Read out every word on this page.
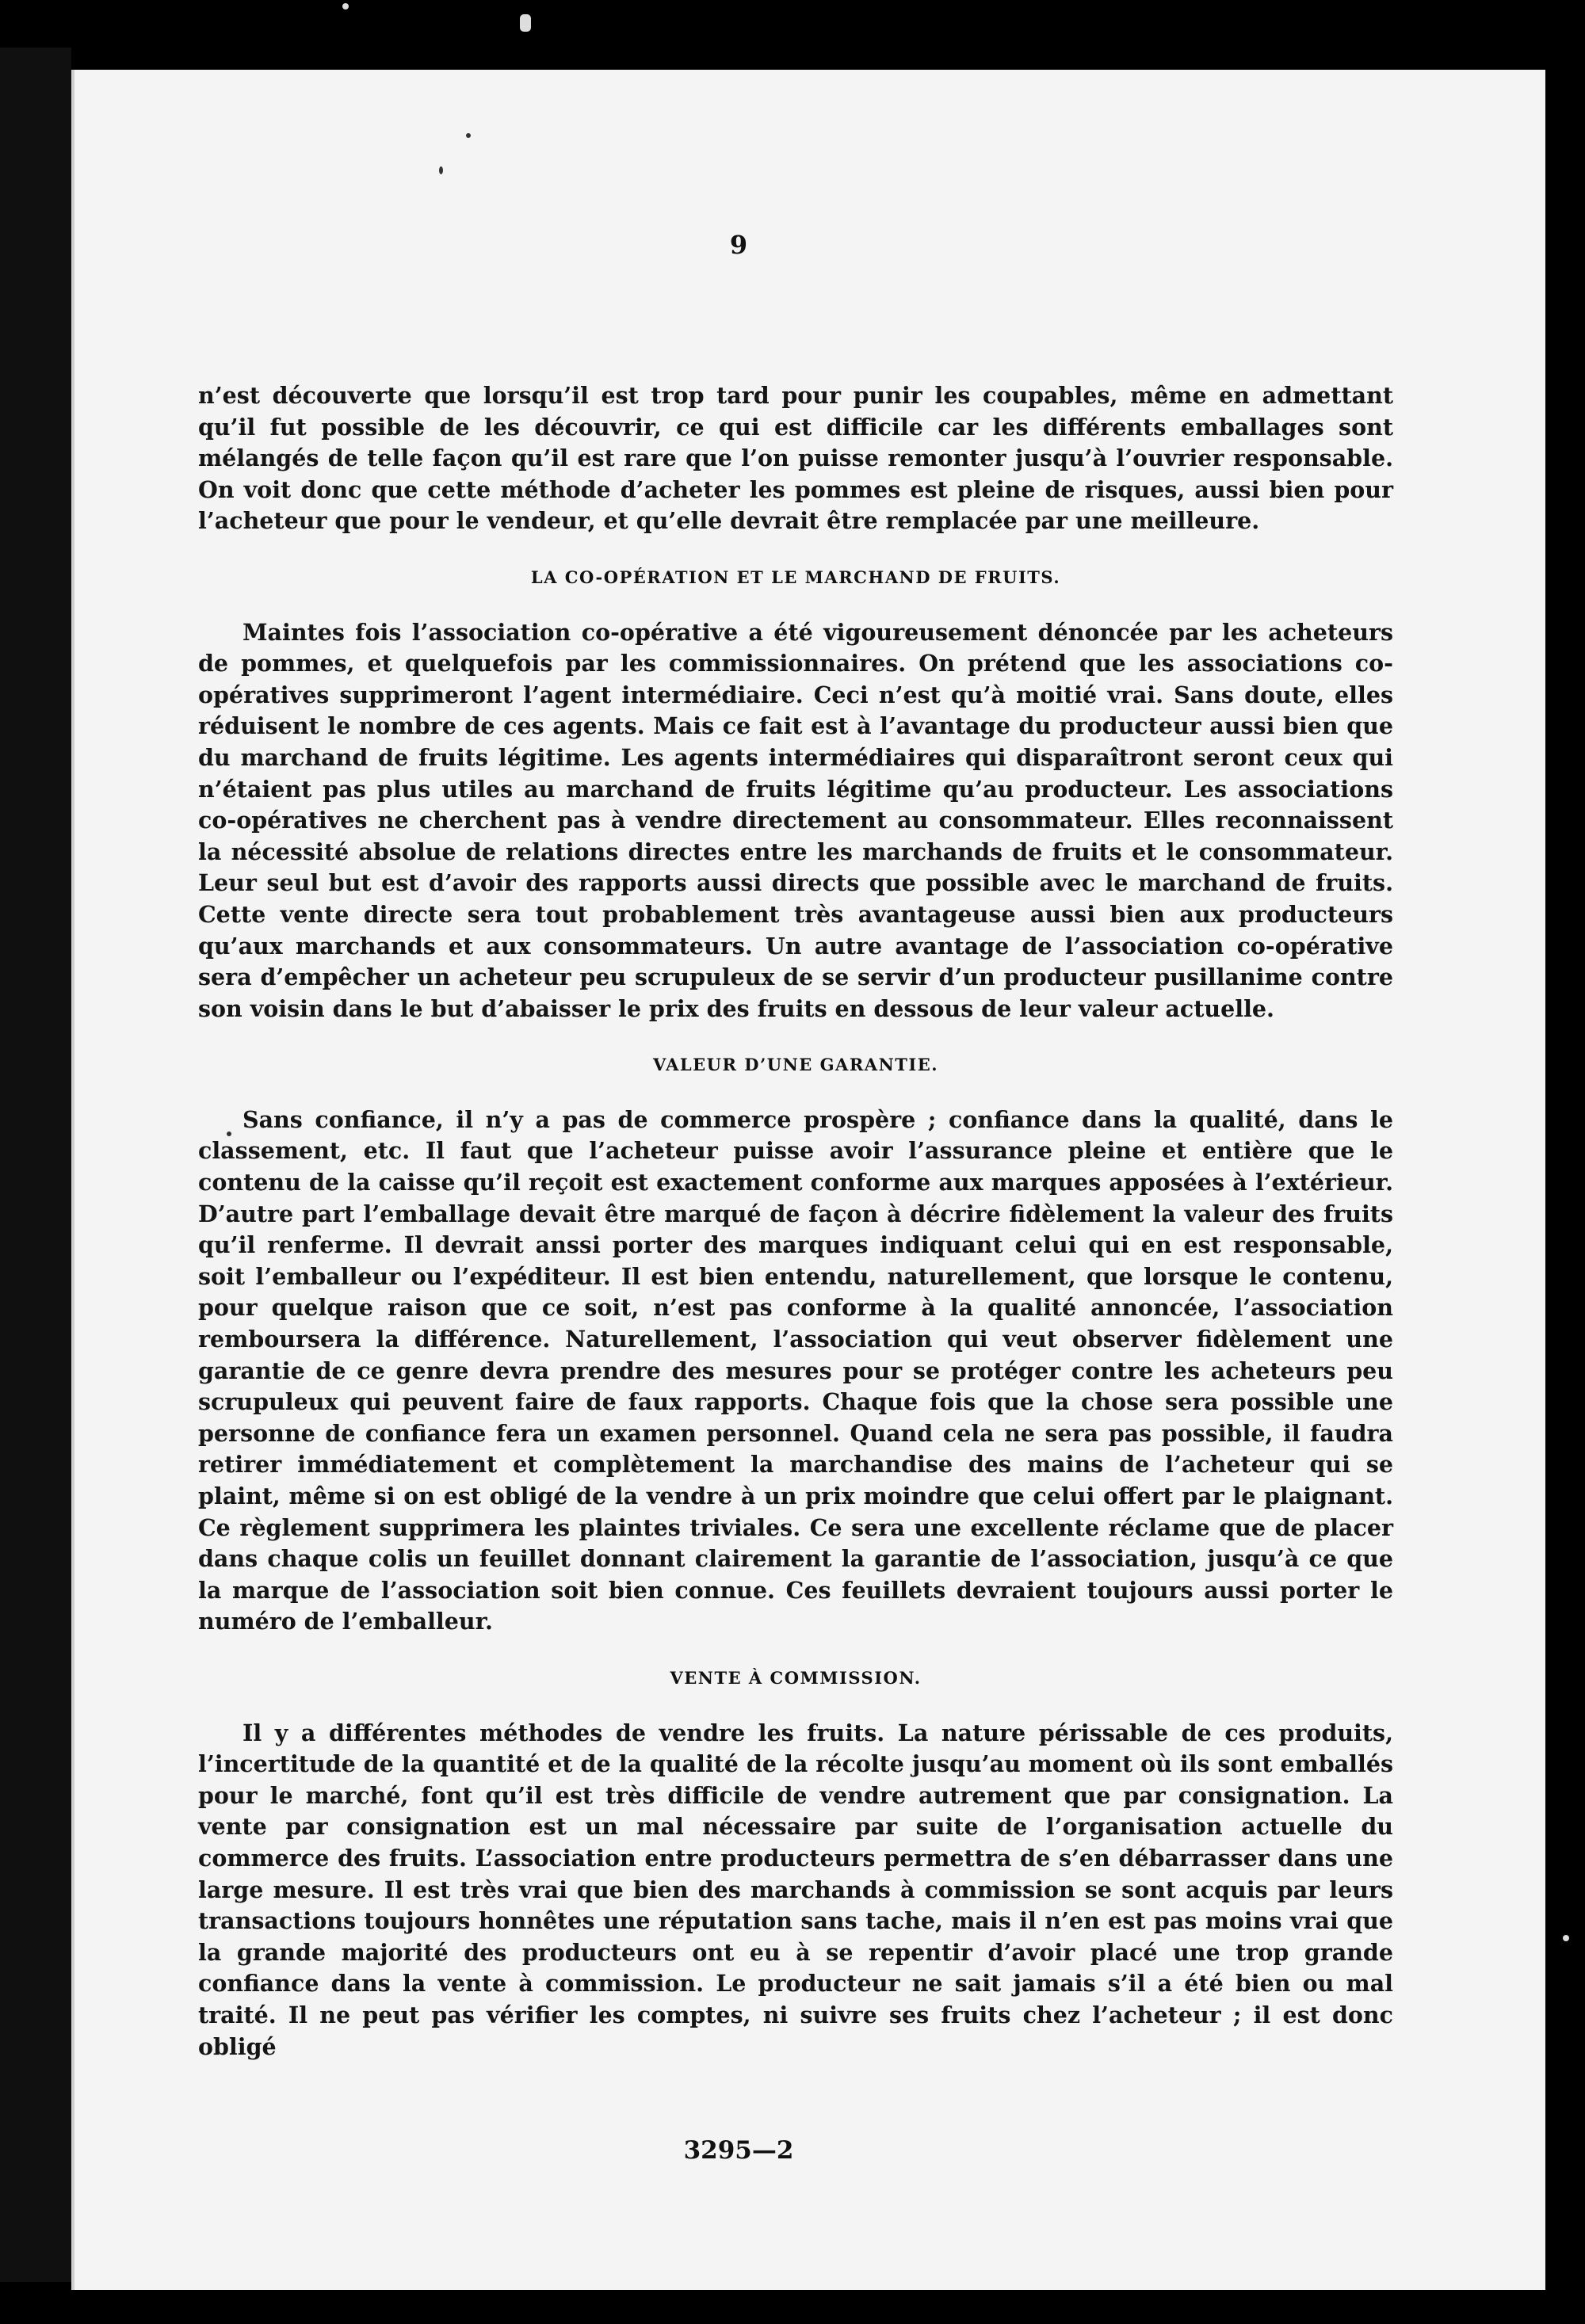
9

n’est découverte que lorsqu’il est trop tard pour punir les coupables, même en admettant qu’il fut possible de les découvrir, ce qui est difficile car les différents emballages sont mélangés de telle façon qu’il est rare que l’on puisse remonter jusqu’à l’ouvrier responsable. On voit donc que cette méthode d’acheter les pommes est pleine de risques, aussi bien pour l’acheteur que pour le vendeur, et qu’elle devrait être remplacée par une meilleure.

LA CO-OPÉRATION ET LE MARCHAND DE FRUITS.

Maintes fois l’association co-opérative a été vigoureusement dénoncée par les acheteurs de pommes, et quelquefois par les commissionnaires. On prétend que les associations co-opératives supprimeront l’agent intermédiaire. Ceci n’est qu’à moitié vrai. Sans doute, elles réduisent le nombre de ces agents. Mais ce fait est à l’avantage du producteur aussi bien que du marchand de fruits légitime. Les agents intermédiaires qui disparaîtront seront ceux qui n’étaient pas plus utiles au marchand de fruits légitime qu’au producteur. Les associations co-opératives ne cherchent pas à vendre directement au consommateur. Elles reconnaissent la nécessité absolue de relations directes entre les marchands de fruits et le consommateur. Leur seul but est d’avoir des rapports aussi directs que possible avec le marchand de fruits. Cette vente directe sera tout probablement très avantageuse aussi bien aux producteurs qu’aux marchands et aux consommateurs. Un autre avantage de l’association co-opérative sera d’empêcher un acheteur peu scrupuleux de se servir d’un producteur pusillanime contre son voisin dans le but d’abaisser le prix des fruits en dessous de leur valeur actuelle.

VALEUR D’UNE GARANTIE.

Sans confiance, il n’y a pas de commerce prospère ; confiance dans la qualité, dans le classement, etc. Il faut que l’acheteur puisse avoir l’assurance pleine et entière que le contenu de la caisse qu’il reçoit est exactement conforme aux marques apposées à l’extérieur. D’autre part l’emballage devait être marqué de façon à décrire fidèlement la valeur des fruits qu’il renferme. Il devrait anssi porter des marques indiquant celui qui en est responsable, soit l’emballeur ou l’expéditeur. Il est bien entendu, naturellement, que lorsque le contenu, pour quelque raison que ce soit, n’est pas conforme à la qualité annoncée, l’association remboursera la différence. Naturellement, l’association qui veut observer fidèlement une garantie de ce genre devra prendre des mesures pour se protéger contre les acheteurs peu scrupuleux qui peuvent faire de faux rapports. Chaque fois que la chose sera possible une personne de confiance fera un examen personnel. Quand cela ne sera pas possible, il faudra retirer immédiatement et complètement la marchandise des mains de l’acheteur qui se plaint, même si on est obligé de la vendre à un prix moindre que celui offert par le plaignant. Ce règlement supprimera les plaintes triviales. Ce sera une excellente réclame que de placer dans chaque colis un feuillet donnant clairement la garantie de l’association, jusqu’à ce que la marque de l’association soit bien connue. Ces feuillets devraient toujours aussi porter le numéro de l’emballeur.

VENTE À COMMISSION.

Il y a différentes méthodes de vendre les fruits. La nature périssable de ces produits, l’incertitude de la quantité et de la qualité de la récolte jusqu’au moment où ils sont emballés pour le marché, font qu’il est très difficile de vendre autrement que par consignation. La vente par consignation est un mal nécessaire par suite de l’organisation actuelle du commerce des fruits. L’association entre producteurs permettra de s’en débarrasser dans une large mesure. Il est très vrai que bien des marchands à commission se sont acquis par leurs transactions toujours honnêtes une réputation sans tache, mais il n’en est pas moins vrai que la grande majorité des producteurs ont eu à se repentir d’avoir placé une trop grande confiance dans la vente à commission. Le producteur ne sait jamais s’il a été bien ou mal traité. Il ne peut pas vérifier les comptes, ni suivre ses fruits chez l’acheteur ; il est donc obligé

3295—2
